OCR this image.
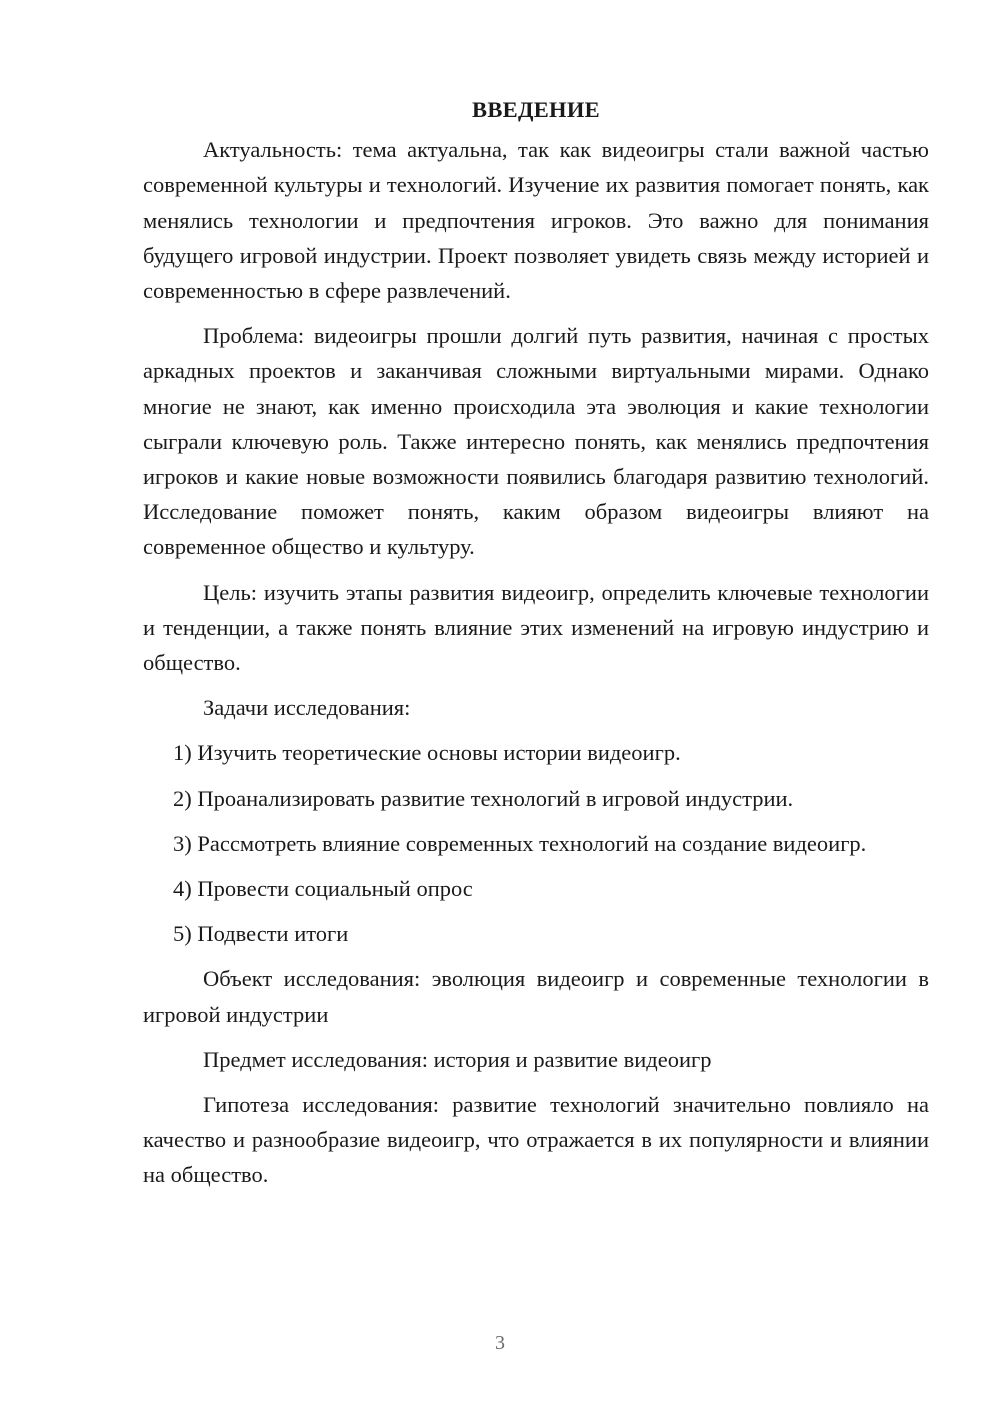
ВВЕДЕНИЕ

Актуальность: тема актуальна, так как видеоигры стали важной частью современной культуры и технологий. Изучение их развития помогает понять, как менялись технологии и предпочтения игроков. Это важно для понимания будущего игровой индустрии. Проект позволяет увидеть связь между историей и современностью в сфере развлечений.

Проблема: видеоигры прошли долгий путь развития, начиная с простых аркадных проектов и заканчивая сложными виртуальными мирами. Однако многие не знают, как именно происходила эта эволюция и какие технологии сыграли ключевую роль. Также интересно понять, как менялись предпочтения игроков и какие новые возможности появились благодаря развитию технологий. Исследование поможет понять, каким образом видеоигры влияют на современное общество и культуру.

Цель: изучить этапы развития видеоигр, определить ключевые технологии и тенденции, а также понять влияние этих изменений на игровую индустрию и общество.

Задачи исследования:

1) Изучить теоретические основы истории видеоигр.

2) Проанализировать развитие технологий в игровой индустрии.

3) Рассмотреть влияние современных технологий на создание видеоигр.

4) Провести социальный опрос

5) Подвести итоги

Объект исследования: эволюция видеоигр и современные технологии в игровой индустрии

Предмет исследования: история и развитие видеоигр

Гипотеза исследования: развитие технологий значительно повлияло на качество и разнообразие видеоигр, что отражается в их популярности и влиянии на общество.

3
